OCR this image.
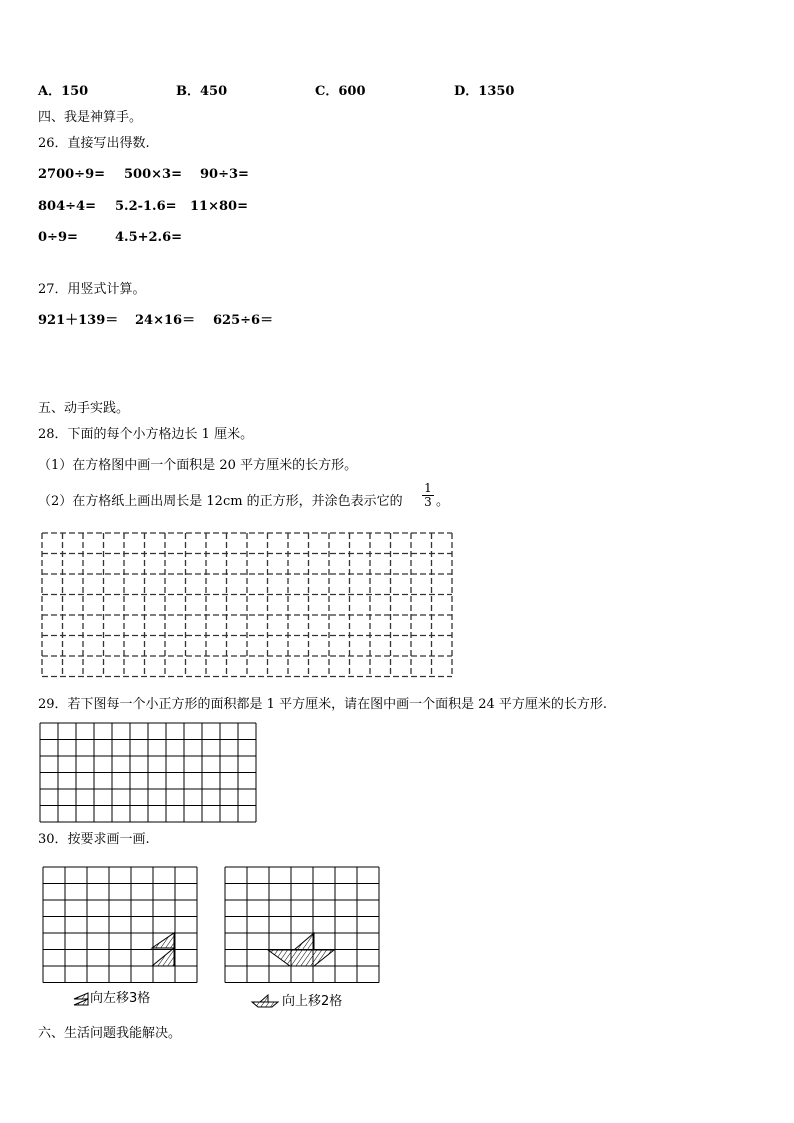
A．150	B．450	C．600	D．1350
四、我是神算手。
26．直接写出得数.
2700÷9= 500×3= 90÷3=
804÷4= 5.2-1.6= 11×80=
0÷9=	4.5+2.6=
27．用竖式计算。
921＋139＝ 24×16＝ 625÷6＝
五、动手实践。
28．下面的每个小方格边长 1 厘米。
（1）在方格图中画一个面积是 20 平方厘米的长方形。
（2）在方格纸上画出周长是 12cm 的正方形，并涂色表示它的 $\frac{1}{3}$ 。
29．若下图每一个小正方形的面积都是 1 平方厘米，请在图中画一个面积是 24 平方厘米的长方形.
30．按要求画一画.
向左移3格	向上移2格
六、生活问题我能解决。
